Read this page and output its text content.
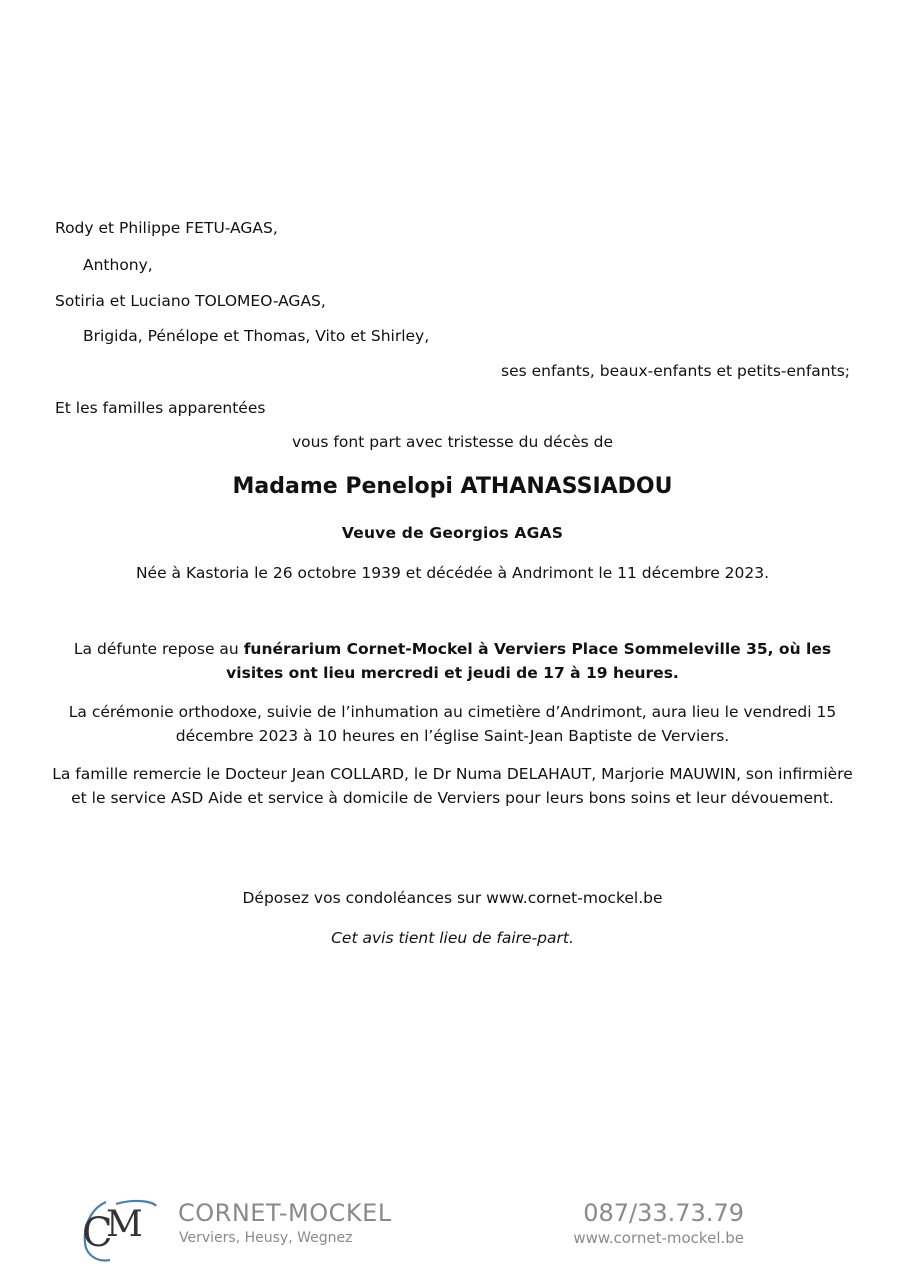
Rody et Philippe FETU-AGAS,
Anthony,
Sotiria et Luciano TOLOMEO-AGAS,
Brigida, Pénélope et Thomas, Vito et Shirley,
ses enfants, beaux-enfants et petits-enfants;
Et les familles apparentées
vous font part avec tristesse du décès de
Madame Penelopi ATHANASSIADOU
Veuve de Georgios AGAS
Née à Kastoria le 26 octobre 1939 et décédée à Andrimont le 11 décembre 2023.
La défunte repose au funérarium Cornet-Mockel à Verviers Place Sommeleville 35, où les visites ont lieu mercredi et jeudi de 17 à 19 heures.
La cérémonie orthodoxe, suivie de l’inhumation au cimetière d’Andrimont, aura lieu le vendredi 15 décembre 2023 à 10 heures en l’église Saint-Jean Baptiste de Verviers.
La famille remercie le Docteur Jean COLLARD, le Dr Numa DELAHAUT, Marjorie MAUWIN, son infirmière et le service ASD Aide et service à domicile de Verviers pour leurs bons soins et leur dévouement.
Déposez vos condoléances sur www.cornet-mockel.be
Cet avis tient lieu de faire-part.
C
M CORNET-MOCKEL
Verviers, Heusy, Wegnez
087/33.73.79
www.cornet-mockel.be
